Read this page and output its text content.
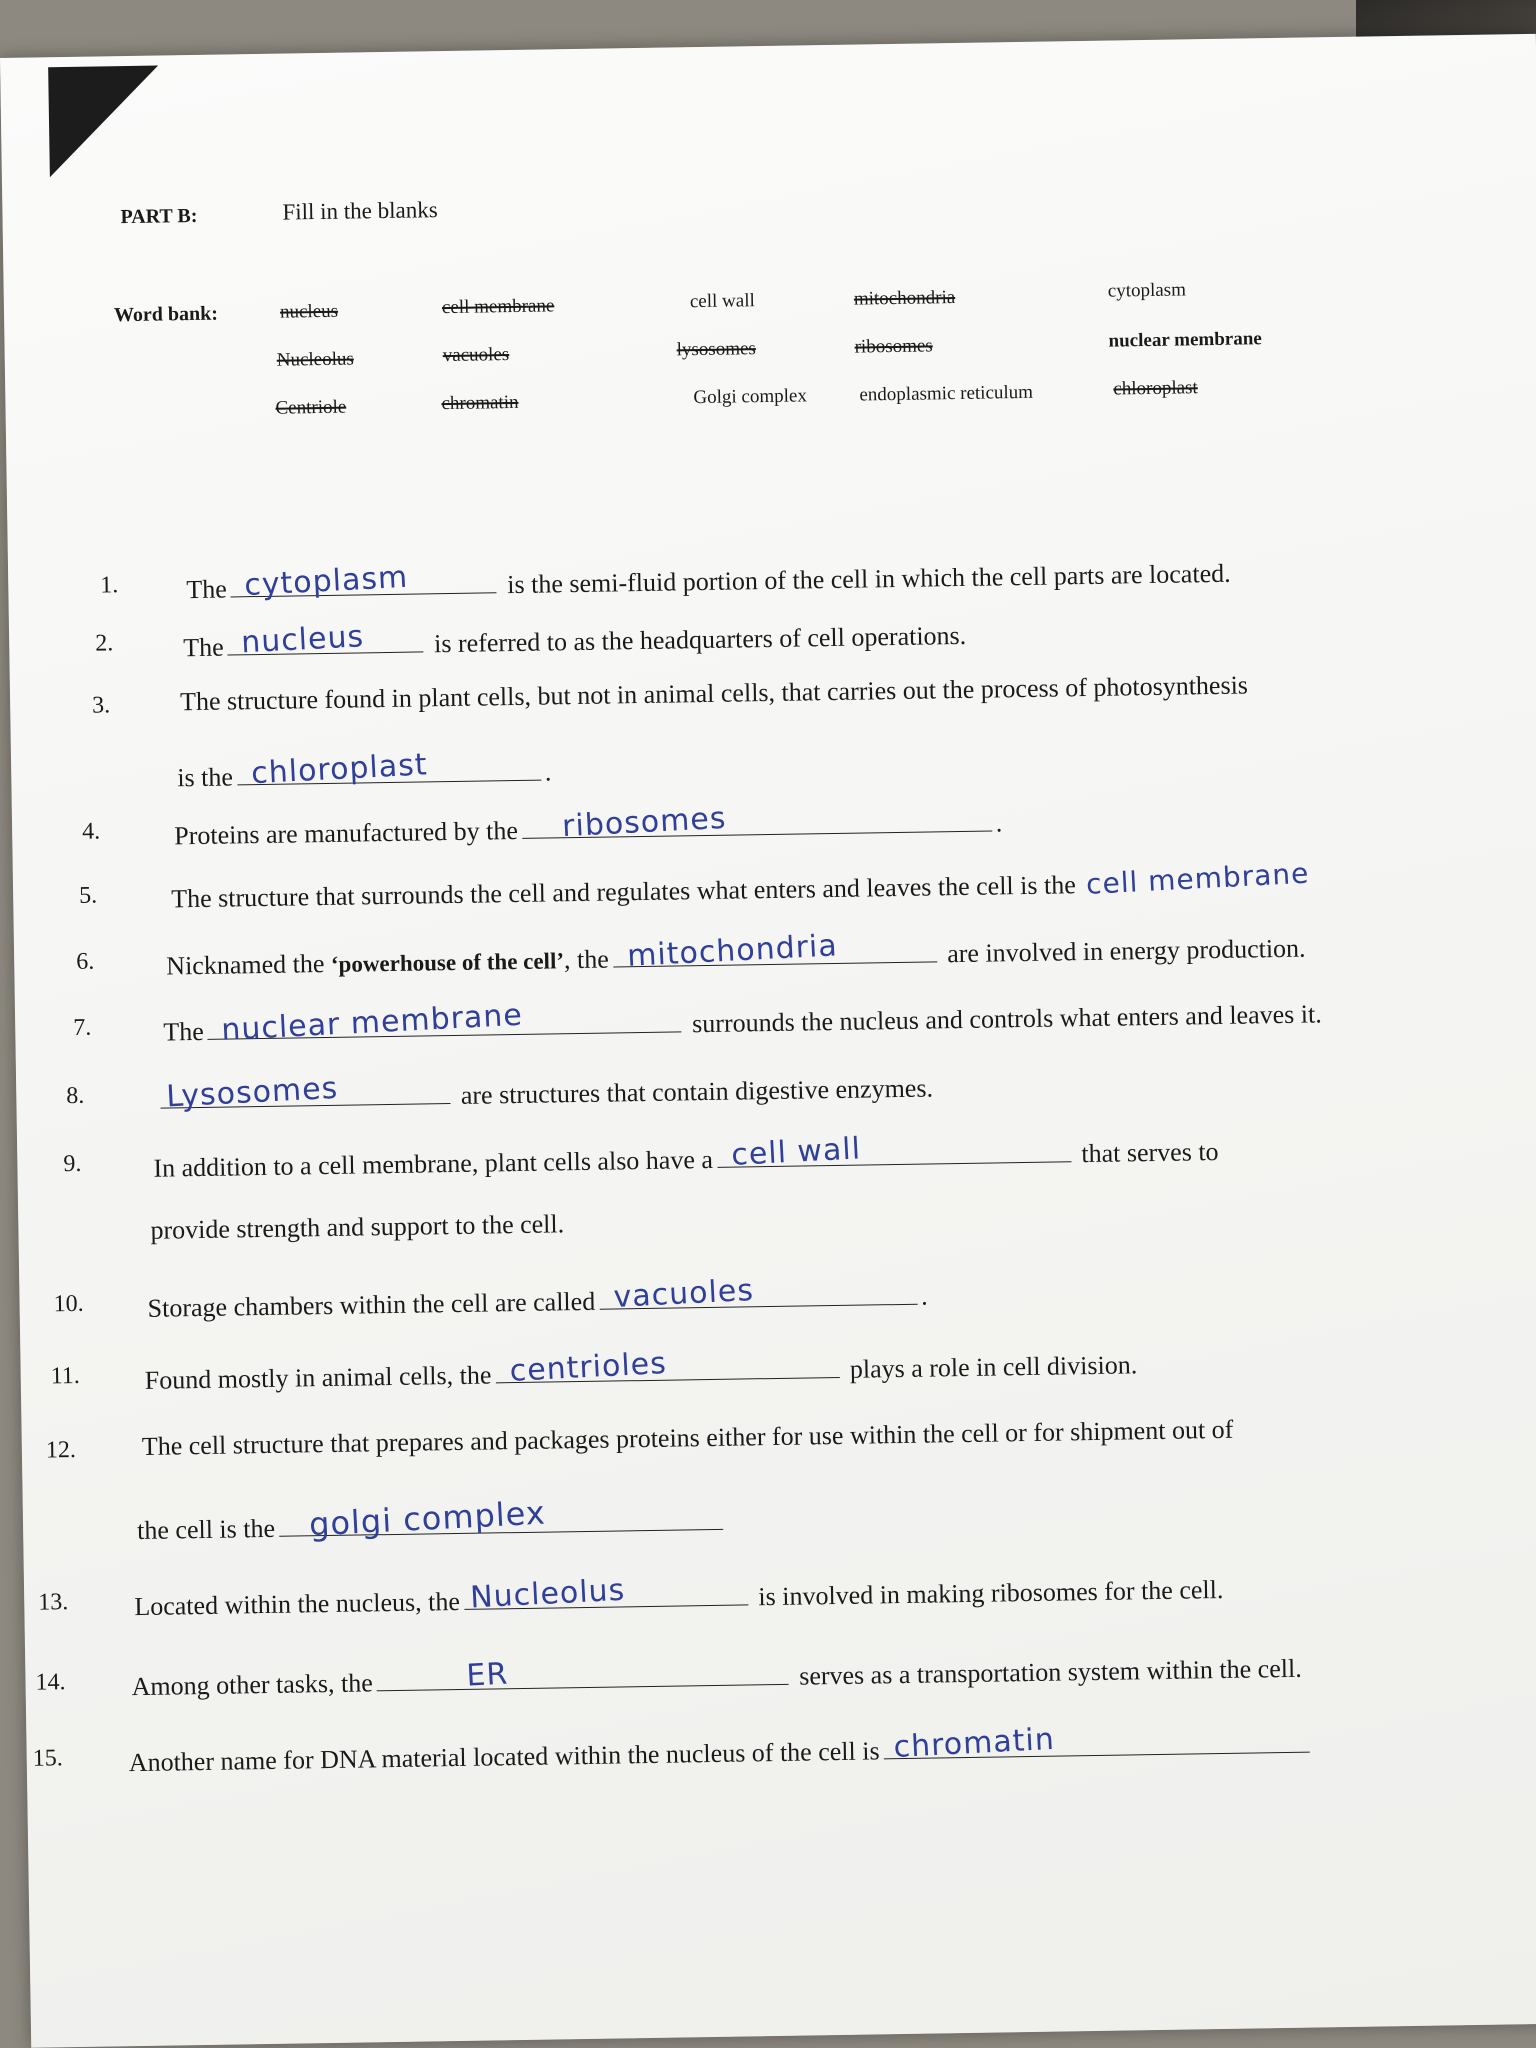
PART B:	Fill in the blanks
Word bank:	nucleus	cell membrane	cell wall	mitochondria	cytoplasm
Nucleolus	vacuoles	lysosomes	ribosomes	nuclear membrane
Centriole	chromatin	Golgi complex	endoplasmic reticulum	chloroplast
1.	The cytoplasm	is the semi-fluid portion of the cell in which the cell parts are located.
2.	The nucleus	is referred to as the headquarters of cell operations.
3.	The structure found in plant cells, but not in animal cells, that carries out the process of photosynthesis
is the chloroplast	.
4.	Proteins are manufactured by the ribosomes	.
5.	The structure that surrounds the cell and regulates what enters and leaves the cell is the cell membrane
6.	Nicknamed the ‘powerhouse of the cell’, the mitochondria	are involved in energy production.
7.	The nuclear membrane	surrounds the nucleus and controls what enters and leaves it.
8.	Lysosomes	are structures that contain digestive enzymes.
9.	In addition to a cell membrane, plant cells also have a cell wall	that serves to
provide strength and support to the cell.
10. Storage chambers within the cell are called vacuoles	.
11. Found mostly in animal cells, the centrioles	plays a role in cell division.
12.	The cell structure that prepares and packages proteins either for use within the cell or for shipment out of
the cell is the golgi complex
13.	Located within the nucleus, the Nucleolus	is involved in making ribosomes for the cell.
14.	Among other tasks, the	ER	serves as a transportation system within the cell.
15.	Another name for DNA material located within the nucleus of the cell is chromatin
